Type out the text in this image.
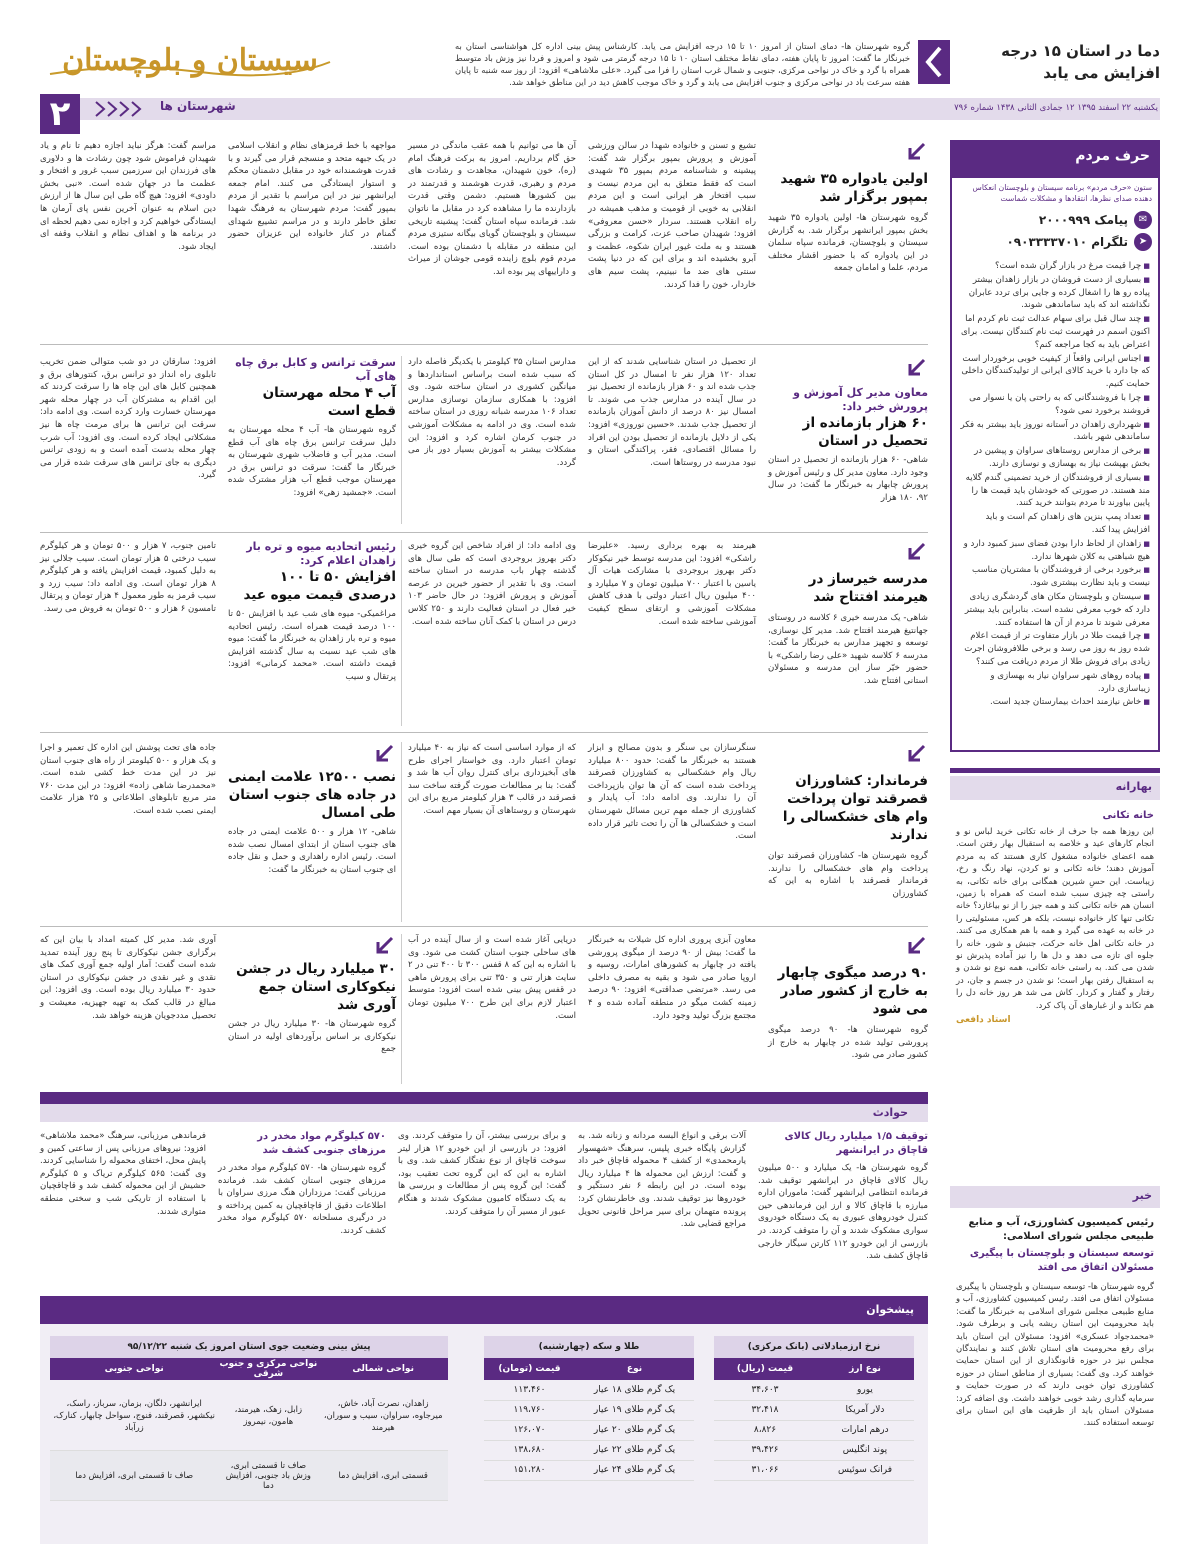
سیستان و بلوچستان	گروه شهرستان ها- دمای استان از امروز ۱۰ تا ۱۵ درجه افزایش می یابد. کارشناس پیش بینی اداره کل هواشناسی استان به خبرنگار ما گفت: امروز تا پایان هفته، دمای نقاط مختلف استان ۱۰ تا ۱۵ درجه گرمتر می شود و امروز و فردا نیز وزش باد متوسط همراه با گرد و خاک در نواحی مرکزی، جنوبی و شمال غرب استان را فرا می گیرد. «علی ملاشاهی» افزود: از روز سه شنبه تا پایان هفته سرعت باد در نواحی مرکزی و جنوب افزایش می یابد و گرد و خاک موجب کاهش دید در این مناطق خواهد شد.
دما در استان ۱۵ درجه
افزایش می یابد
۲	شهرستان ها	یکشنبه ۲۲ اسفند ۱۳۹۵ ۱۲ جمادی الثانی ۱۴۳۸ شماره ۷۹۶
حرف مردم
ستون «حرف مردم» برنامه سیستان و بلوچستان انعکاس دهنده صدای نظرها، انتقادها و مشکلات شماست
✉
پیامک ۲۰۰۰۹۹۹
➤
تلگرام ۰۹۰۳۳۳۳۷۰۱۰
■ چرا قیمت مرغ در بازار گران شده است؟
■ بسیاری از دست فروشان در بازار زاهدان بیشتر پیاده رو ها را اشغال کرده و جایی برای تردد عابران نگذاشته اند که باید ساماندهی شوند.
■ چند سال قبل برای سهام عدالت ثبت نام کردم اما اکنون اسمم در فهرست ثبت نام کنندگان نیست. برای اعتراض باید به کجا مراجعه کنم؟
■ اجناس ایرانی واقعاً از کیفیت خوبی برخوردار است که جا دارد با خرید کالای ایرانی از تولیدکنندگان داخلی حمایت کنیم.
■ چرا با فروشندگانی که به راحتی پان یا نسوار می فروشند برخورد نمی شود؟
■ شهرداری زاهدان در آستانه نوروز باید بیشتر به فکر ساماندهی شهر باشد.
■ برخی از مدارس روستاهای سراوان و پیشین در بخش بهپشت نیاز به بهسازی و نوسازی دارند.
■ بسیاری از فروشندگان از خرید تضمینی گندم گلایه مند هستند. در صورتی که خودشان باید قیمت ها را پایین بیاورند تا مردم بتوانند خرید کنند.
■ تعداد پمپ بنزین های زاهدان کم است و باید افزایش پیدا کند.
■ زاهدان از لحاظ دارا بودن فضای سبز کمبود دارد و هیچ شباهتی به کلان شهرها ندارد.
■ برخورد برخی از فروشندگان با مشتریان مناسب نیست و باید نظارت بیشتری شود.
■ سیستان و بلوچستان مکان های گردشگری زیادی دارد که خوب معرفی نشده است. بنابراین باید بیشتر معرفی شوند تا مردم از آن ها استفاده کنند.
■ چرا قیمت طلا در بازار متفاوت تر از قیمت اعلام شده روز به روز می رسد و برخی طلافروشان اجرت زیادی برای فروش طلا از مردم دریافت می کنند؟
■ پیاده روهای شهر سراوان نیاز به بهسازی و زیباسازی دارد.
■ خاش نیازمند احداث بیمارستان جدید است.
بهارانه
خانه تکانی
این روزها همه جا حرف از خانه تکانی خرید لباس نو و انجام کارهای عید و خلاصه به استقبال بهار رفتن است. همه اعضای خانواده مشغول کاری هستند که به مردم آموزش دهند؛ خانه تکانی و نو کردن، نهاد رنگ و رخ، زیباست. این حسِ شیرین همگانی برای خانه تکانی، به راستی چه چیزی سبب شده است که همراه با زمین، انسان هم خانه تکانی کند و همه جیز را از نو بیاغازد؟ خانه تکانی تنها کار خانواده نیست، بلکه هر کس، مسئولیتی را در خانه به عهده می گیرد و همه با هم همکاری می کنند. در خانه تکانی اهل خانه حرکت، جنبش و شور، خانه را جلوه ای تازه می دهد و دل ها را نیز آماده پذیرش نو شدن می کند. به راستی خانه تکانی، همه نوع نو شدن و به استقبال رفتن بهار است؛ نو شدن در جسم و جان، در رفتار و گفتار و کردار. کاش می شد هر روز خانه دل را هم تکاند و از غبارهای آن پاک کرد.
استاد دافعی
خبر
رئیس کمیسیون کشاورزی، آب و منابع طبیعی مجلس شورای اسلامی:
توسعه سیستان و بلوچستان با پیگیری مسئولان اتفاق می افتد
گروه شهرستان ها- توسعه سیستان و بلوچستان با پیگیری مسئولان اتفاق می افتد. رئیس کمیسیون کشاورزی، آب و منابع طبیعی مجلس شورای اسلامی به خبرنگار ما گفت: باید محرومیت این استان ریشه یابی و برطرف شود. «محمدجواد عسکری» افزود: مسئولان این استان باید برای رفع محرومیت های استان تلاش کنند و نمایندگان مجلس نیز در حوزه قانونگذاری از این استان حمایت خواهند کرد. وی گفت: بسیاری از مناطق استان در حوزه کشاورزی توان خوبی دارند که در صورت حمایت و سرمایه گذاری رشد خوبی خواهند داشت. وی اضافه کرد: مسئولان استان باید از ظرفیت های این استان برای توسعه استفاده کنند.
اولین یادواره ۳۵ شهید بمپور برگزار شد
گروه شهرستان ها- اولین یادواره ۳۵ شهید بخش بمپور ایرانشهر برگزار شد. به گزارش سیستان و بلوچستان، فرمانده سپاه سلمان در این یادواره که با حضور اقشار مختلف مردم، علما و امامان جمعه
تشیع و تسنن و خانواده شهدا در سالن ورزشی آموزش و پرورش بمپور برگزار شد گفت: پیشینه و شناسنامه مردم بمپور ۳۵ شهیدی است که فقط متعلق به این مردم نیست و سبب افتخار هر ایرانی است و این مردم انقلابی به خوبی از قومیت و مذهب همیشه در راه انقلاب هستند. سردار «حسن معروفی» افزود: شهیدان صاحب عزت، کرامت و بزرگی هستند و به ملت غیور ایران شکوه، عظمت و آبرو بخشیده اند و برای این که در دنیا پشت سنتی های ضد ما نبینیم، پشت سیم های خاردار، خون را فدا کردند.
آن ها می توانیم با همه عقب ماندگی در مسیر حق گام برداریم. امروز به برکت فرهنگ امام (ره)، خون شهیدان، مجاهدت و رشادت های مردم و رهبری، قدرت هوشمند و قدرتمند در بین کشورها هستیم. دشمن وقتی قدرت بازدارنده ما را مشاهده کرد در مقابل ما ناتوان شد. فرمانده سپاه استان گفت: پیشینه تاریخی سیستان و بلوچستان گویای بیگانه ستیزی مردم این منطقه در مقابله با دشمنان بوده است. مردم قوم بلوچ زاینده قومی جوشان از میراث و داراییهای پیر بوده اند.
مواجهه با خط قرمزهای نظام و انقلاب اسلامی در یک جبهه متحد و منسجم قرار می گیرند و با قدرت هوشمندانه خود در مقابل دشمنان محکم و استوار ایستادگی می کنند. امام جمعه ایرانشهر نیز در این مراسم با تقدیر از مردم بمپور گفت: مردم شهرستان به فرهنگ شهدا تعلق خاطر دارند و در مراسم تشییع شهدای گمنام در کنار خانواده این عزیزان حضور داشتند.
مراسم گفت: هرگز نباید اجازه دهیم تا نام و یاد شهیدان فراموش شود چون رشادت ها و دلاوری های فرزندان این سرزمین سبب غرور و افتخار و عظمت ما در جهان شده است. «نبی بخش داودی» افزود: هیچ گاه طی این سال ها از ارزش دین اسلام به عنوان آخرین نفس پای آرمان ها ایستادگی خواهیم کرد و اجازه نمی دهیم لحظه ای در برنامه ها و اهداف نظام و انقلاب وقفه ای ایجاد شود.
معاون مدیر کل آموزش و پرورش خبر داد:
۶۰ هزار بازمانده از تحصیل در استان
شاهی- ۶۰ هزار بازمانده از تحصیل در استان وجود دارد. معاون مدیر کل و رئیس آموزش و پرورش چابهار به خبرنگار ما گفت: در سال ۹۲، ۱۸۰ هزار
از تحصیل در استان شناسایی شدند که از این تعداد ۱۲۰ هزار نفر تا امسال در کل استان جذب شده اند و ۶۰ هزار بازمانده از تحصیل نیز در سال آینده در مدارس جذب می شوند. تا امسال نیز ۸۰ درصد از دانش آموزان بازمانده از تحصیل جذب شدند. «حسین نوروزی» افزود: یکی از دلایل بازمانده از تحصیل بودن این افراد را مسائل اقتصادی، فقر، پراکندگی استان و نبود مدرسه در روستاها است.
مدارس استان ۳۵ کیلومتر با یکدیگر فاصله دارد که سبب شده است براساس استانداردها و میانگین کشوری در استان ساخته شود. وی افزود: با همکاری سازمان نوسازی مدارس تعداد ۱۰۶ مدرسه شبانه روزی در استان ساخته شده است. وی در ادامه به مشکلات آموزشی در جنوب کرمان اشاره کرد و افزود: این مشکلات بیشتر به آموزش بسیار دور باز می گردد.
سرقت ترانس و کابل برق چاه های آب
آب ۴ محله مهرستان قطع است
گروه شهرستان ها- آب ۴ محله مهرستان به دلیل سرقت ترانس برق چاه های آب قطع است. مدیر آب و فاضلاب شهری شهرستان به خبرنگار ما گفت: سرقت دو ترانس برق در مهرستان موجب قطع آب هزار مشترک شده است. «جمشید زهی» افزود:
افزود: سارقان در دو شب متوالی ضمن تخریب تابلوی راه انداز دو ترانس برق، کنتورهای برق و همچنین کابل های این چاه ها را سرقت کردند که این اقدام به مشترکان آب در چهار محله شهر مهرستان خسارت وارد کرده است. وی ادامه داد: سرقت این ترانس ها برای مرمت چاه ها نیز مشکلاتی ایجاد کرده است. وی افزود: آب شرب چهار محله بدست آمده است و به زودی ترانس دیگری به جای ترانس های سرقت شده قرار می گیرد.
مدرسه خیرساز در هیرمند افتتاح شد
شاهی- یک مدرسه خیری ۶ کلاسه در روستای جهانتیغ هیرمند افتتاح شد. مدیر کل نوسازی، توسعه و تجهیز مدارس به خبرنگار ما گفت: مدرسه ۶ کلاسه شهید «علی رضا راشکی» با حضور خیّر ساز این مدرسه و مسئولان استانی افتتاح شد.
هیرمند به بهره برداری رسید. «علیرضا راشکی» افزود: این مدرسه توسط خیر نیکوکار دکتر بهروز بروجردی با مشارکت هیات آل یاسین با اعتبار ۷۰۰ میلیون تومان و ۷ میلیارد و ۴۰۰ میلیون ریال اعتبار دولتی با هدف کاهش مشکلات آموزشی و ارتقای سطح کیفیت آموزشی ساخته شده است.
وی ادامه داد: از افراد شاخص این گروه خیری دکتر بهروز بروجردی است که طی سال های گذشته چهار باب مدرسه در استان ساخته است. وی با تقدیر از حضور خیرین در عرصه آموزش و پرورش افزود: در حال حاضر ۱۰۳ خیر فعال در استان فعالیت دارند و ۲۵۰ کلاس درس در استان با کمک آنان ساخته شده است.
رئیس اتحادیه میوه و تره بار زاهدان اعلام کرد:
افزایش ۵۰ تا ۱۰۰ درصدی قیمت میوه عید
مراغمیکی- میوه های شب عید با افزایش ۵۰ تا ۱۰۰ درصد قیمت همراه است. رئیس اتحادیه میوه و تره بار زاهدان به خبرنگار ما گفت: میوه های شب عید نسبت به سال گذشته افزایش قیمت داشته است. «محمد کرمانی» افزود: پرتقال و سیب
تامین جنوب، ۷ هزار و ۵۰۰ تومان و هر کیلوگرم سیب درختی ۵ هزار تومان است. سیب جلالی نیز به دلیل کمبود، قیمت افزایش یافته و هر کیلوگرم ۸ هزار تومان است. وی ادامه داد: سیب زرد و سیب قرمز به طور معمول ۴ هزار تومان و پرتقال تامسون ۶ هزار و ۵۰۰ تومان به فروش می رسد.
فرماندار: کشاورزان قصرقند توان پرداخت وام های خشکسالی را ندارند
گروه شهرستان ها- کشاورزان قصرقند توان پرداخت وام های خشکسالی را ندارند. فرماندار قصرقند با اشاره به این که کشاورزان
سنگرسازان بی سنگر و بدون مصالح و ابزار هستند به خبرنگار ما گفت: حدود ۸۰۰ میلیارد ریال وام خشکسالی به کشاورزان قصرقند پرداخت شده است که آن ها توان بازپرداخت آن را ندارند. وی ادامه داد: آب پایدار و کشاورزی از جمله مهم ترین مسائل شهرستان است و خشکسالی ها آن را تحت تاثیر قرار داده است.
که از موارد اساسی است که نیاز به ۴۰ میلیارد تومان اعتبار دارد. وی خواستار اجرای طرح های آبخیزداری برای کنترل روان آب ها شد و گفت: بنا بر مطالعات صورت گرفته ساخت سد قصرقند در قالب ۳ هزار کیلومتر مربع برای این شهرستان و روستاهای آن بسیار مهم است.
نصب ۱۲۵۰۰ علامت ایمنی در جاده های جنوب استان طی امسال
شاهی- ۱۲ هزار و ۵۰۰ علامت ایمنی در جاده های جنوب استان از ابتدای امسال نصب شده است. رئیس اداره راهداری و حمل و نقل جاده ای جنوب استان به خبرنگار ما گفت:
جاده های تحت پوشش این اداره کل تعمیر و اجرا و یک هزار و ۵۰۰ کیلومتر از راه های جنوب استان نیز در این مدت خط کشی شده است. «محمدرضا شاهی زاده» افزود: در این مدت ۷۶۰ متر مربع تابلوهای اطلاعاتی و ۲۵ هزار علامت ایمنی نصب شده است.
۹۰ درصد میگوی چابهار به خارج از کشور صادر می شود
گروه شهرستان ها- ۹۰ درصد میگوی پرورشی تولید شده در چابهار به خارج از کشور صادر می شود.
معاون آبزی پروری اداره کل شیلات به خبرنگار ما گفت: بیش از ۹۰ درصد از میگوی پرورشی یافته در چابهار به کشورهای امارات، روسیه و اروپا صادر می شود و بقیه به مصرف داخلی می رسد. «مرتضی صداقتی» افزود: ۹۰ درصد زمینه کشت میگو در منطقه آماده شده و ۴ مجتمع بزرگ تولید وجود دارد.
دریایی آغاز شده است و از سال آینده در آب های ساحلی جنوب استان کشت می شود. وی با اشاره به این که ۸ قفس ۳۰۰ تا ۴۰۰ تنی در ۲ سایت هزار تنی و ۳۵۰ تنی برای پرورش ماهی در قفس پیش بینی شده است افزود: متوسط اعتبار لازم برای این طرح ۷۰۰ میلیون تومان است.
۳۰ میلیارد ریال در جشن نیکوکاری استان جمع آوری شد
گروه شهرستان ها- ۳۰ میلیارد ریال در جشن نیکوکاری بر اساس برآوردهای اولیه در استان جمع
آوری شد. مدیر کل کمیته امداد با بیان این که برگزاری جشن نیکوکاری تا پنج روز آینده تمدید شده است گفت: آمار اولیه جمع آوری کمک های نقدی و غیر نقدی در جشن نیکوکاری در استان حدود ۳۰ میلیارد ریال بوده است. وی افزود: این مبالغ در قالب کمک به تهیه جهیزیه، معیشت و تحصیل مددجویان هزینه خواهد شد.
حوادث
توقیف ۱/۵ میلیارد ریال کالای قاچاق در ایرانشهر
گروه شهرستان ها- یک میلیارد و ۵۰۰ میلیون ریال کالای قاچاق در ایرانشهر توقیف شد. فرمانده انتظامی ایرانشهر گفت: ماموران اداره مبارزه با قاچاق کالا و ارز این فرماندهی حین کنترل خودروهای عبوری به یک دستگاه خودروی سواری مشکوک شدند و آن را متوقف کردند. در بازرسی از این خودرو ۱۱۲ کارتن سیگار خارجی قاچاق کشف شد.
آلات برقی و انواع البسه مردانه و زنانه شد. به گزارش پایگاه خبری پلیس، سرهنگ «شهسوار یارمحمدی» از کشف ۴ محموله قاچاق خبر داد و گفت: ارزش این محموله ها ۴ میلیارد ریال بوده است. در این رابطه ۶ نفر دستگیر و خودروها نیز توقیف شدند. وی خاطرنشان کرد: پرونده متهمان برای سیر مراحل قانونی تحویل مراجع قضایی شد.
و برای بررسی بیشتر، آن را متوقف کردند. وی افزود: در بازرسی از این خودرو ۱۲ هزار لیتر سوخت قاچاق از نوع نفتگاز کشف شد. وی با اشاره به این که این گروه تحت تعقیب بود، گفت: این گروه پس از مطالعات و بررسی ها به یک دستگاه کامیون مشکوک شدند و هنگام عبور از مسیر آن را متوقف کردند.
۵۷۰ کیلوگرم مواد مخدر در مرزهای جنوبی کشف شد
گروه شهرستان ها- ۵۷۰ کیلوگرم مواد مخدر در مرزهای جنوبی استان کشف شد. فرمانده مرزبانی گفت: مرزداران هنگ مرزی سراوان با اطلاعات دقیق از قاچاقچیان به کمین پرداخته و در درگیری مسلحانه ۵۷۰ کیلوگرم مواد مخدر کشف کردند.
فرماندهی مرزبانی، سرهنگ «محمد ملاشاهی» افزود: نیروهای مرزبانی پس از ساعتی کمین و پایش محل، اختفای محموله را شناسایی کردند. وی گفت: ۵۶۵ کیلوگرم تریاک و ۵ کیلوگرم حشیش از این محموله کشف شد و قاچاقچیان با استفاده از تاریکی شب و سختی منطقه متواری شدند.
پیشخوان
نرخ ارزمبادلاتی (بانک مرکزی)
نوع ارز	قیمت (ریال)
یورو	۳۴،۶۰۳
دلار آمریکا	۳۲،۴۱۸
درهم امارات	۸،۸۲۶
پوند انگلیس	۳۹،۴۲۶
فرانک سوئیس	۳۱،۰۶۶
طلا و سکه (چهارشنبه)
نوع	قیمت (تومان)
یک گرم طلای ۱۸ عیار	۱۱۳،۴۶۰
یک گرم طلای ۱۹ عیار	۱۱۹،۷۶۰
یک گرم طلای ۲۰ عیار	۱۲۶،۰۷۰
یک گرم طلای ۲۲ عیار	۱۳۸،۶۸۰
یک گرم طلای ۲۴ عیار	۱۵۱،۲۸۰
پیش بینی وضعیت جوی استان امروز یک شنبه ۹۵/۱۲/۲۲
نواحی شمالی	نواحی مرکزی و جنوب شرقی	نواحی جنوبی
زاهدان، نصرت آباد، خاش، میرجاوه، سراوان، سیب و سوران، هیرمند	زابل، زهک، هیرمند، هامون، نیمروز	ایرانشهر، دلگان، بزمان، سرباز، راسک، نیکشهر، قصرقند، فنوج، سواحل چابهار، کنارک، زرآباد
قسمتی ابری، افزایش دما	صاف تا قسمتی ابری، وزش باد جنوبی، افزایش دما	صاف تا قسمتی ابری، افزایش دما
